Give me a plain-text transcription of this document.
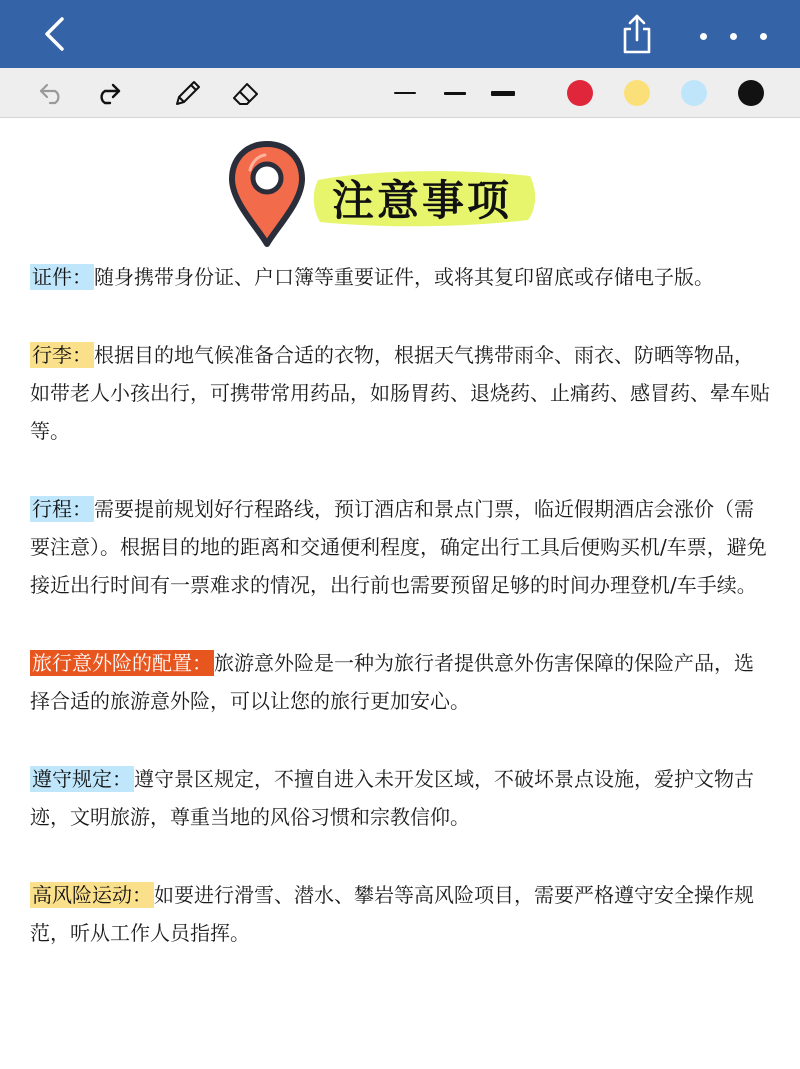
注意事项

证件： 随身携带身份证、户口簿等重要证件，或将其复印留底或存储电子版。

行李： 根据目的地气候准备合适的衣物，根据天气携带雨伞、雨衣、防晒等物品，如带老人小孩出行，可携带常用药品，如肠胃药、退烧药、止痛药、感冒药、晕车贴等。

行程： 需要提前规划好行程路线，预订酒店和景点门票，临近假期酒店会涨价（需要注意）。根据目的地的距离和交通便利程度，确定出行工具后便购买机/车票，避免接近出行时间有一票难求的情况，出行前也需要预留足够的时间办理登机/车手续。

旅行意外险的配置： 旅游意外险是一种为旅行者提供意外伤害保障的保险产品，选择合适的旅游意外险，可以让您的旅行更加安心。

遵守规定： 遵守景区规定，不擅自进入未开发区域，不破坏景点设施，爱护文物古迹，文明旅游，尊重当地的风俗习惯和宗教信仰。

高风险运动： 如要进行滑雪、潜水、攀岩等高风险项目，需要严格遵守安全操作规范，听从工作人员指挥。
